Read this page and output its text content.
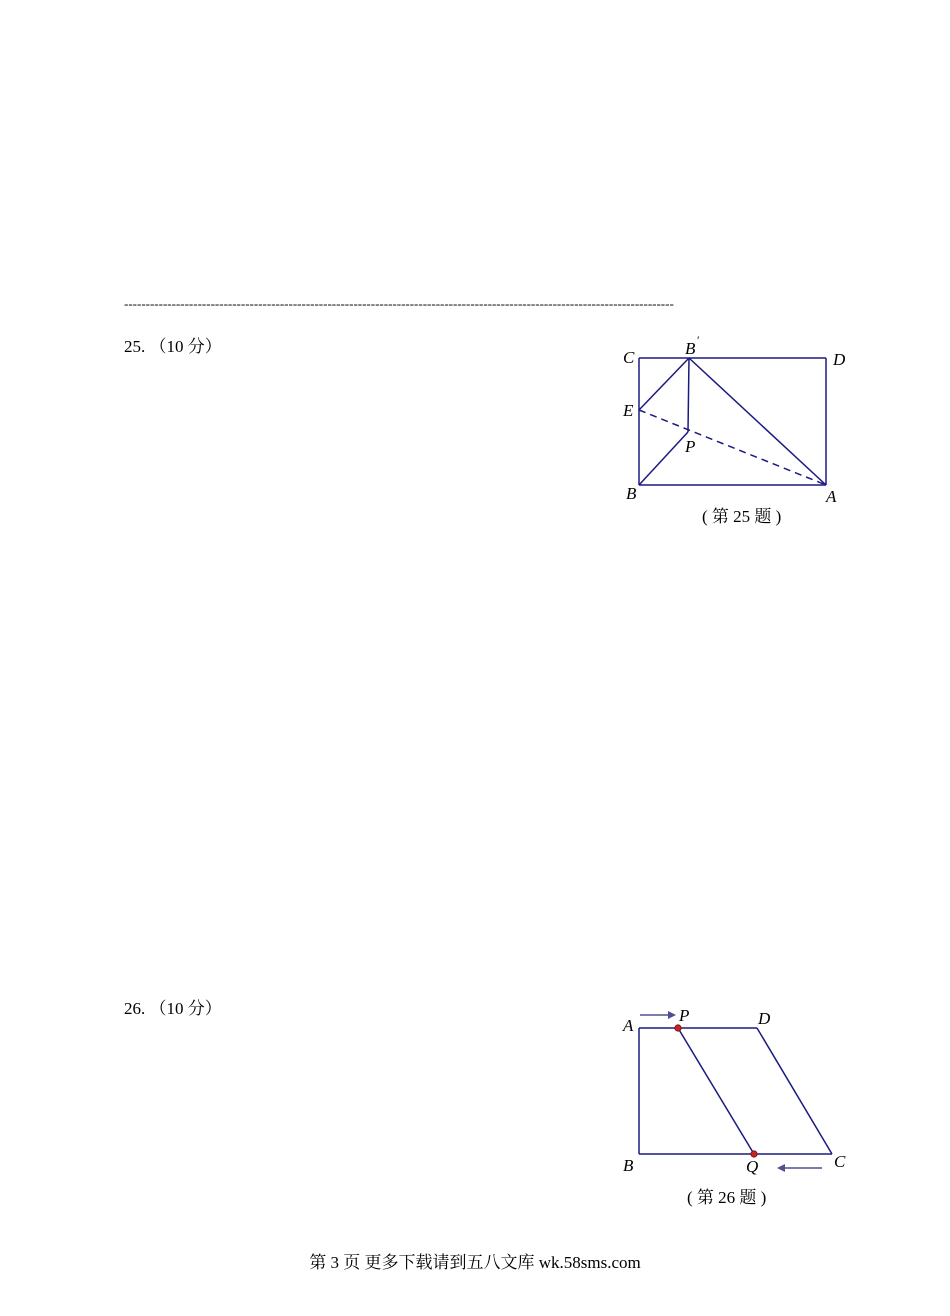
-------------------------------------------------------------------------------------------------------------------------------
25. （10 分）
C	B ′
D
E
P
B	A
( 第 25 题 )
26. （10 分）
A
P	D
B	Q	C
( 第 26 题 )
第 3 页 更多下载请到五八文库 wk.58sms.com
